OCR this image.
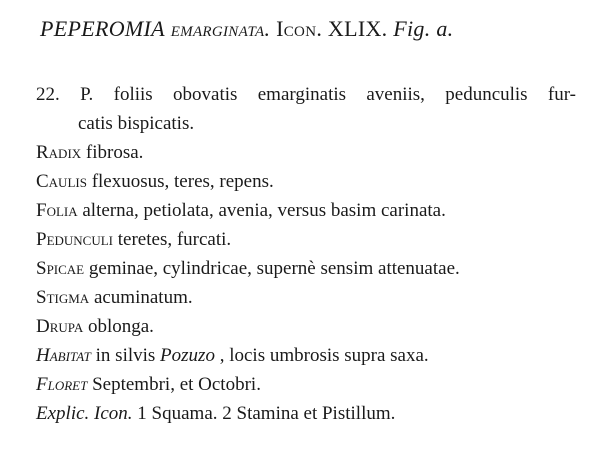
PEPEROMIA emarginata. Icon. XLIX. Fig. a.
22. P. foliis obovatis emarginatis aveniis, pedunculis fur-
catis bispicatis.
Radix fibrosa.
Caulis flexuosus, teres, repens.
Folia alterna, petiolata, avenia, versus basim carinata.
Pedunculi teretes, furcati.
Spicae geminae, cylindricae, supernè sensim attenuatae.
Stigma acuminatum.
Drupa oblonga.
Habitat in silvis Pozuzo , locis umbrosis supra saxa.
Floret Septembri, et Octobri.
Explic. Icon. 1 Squama. 2 Stamina et Pistillum.
